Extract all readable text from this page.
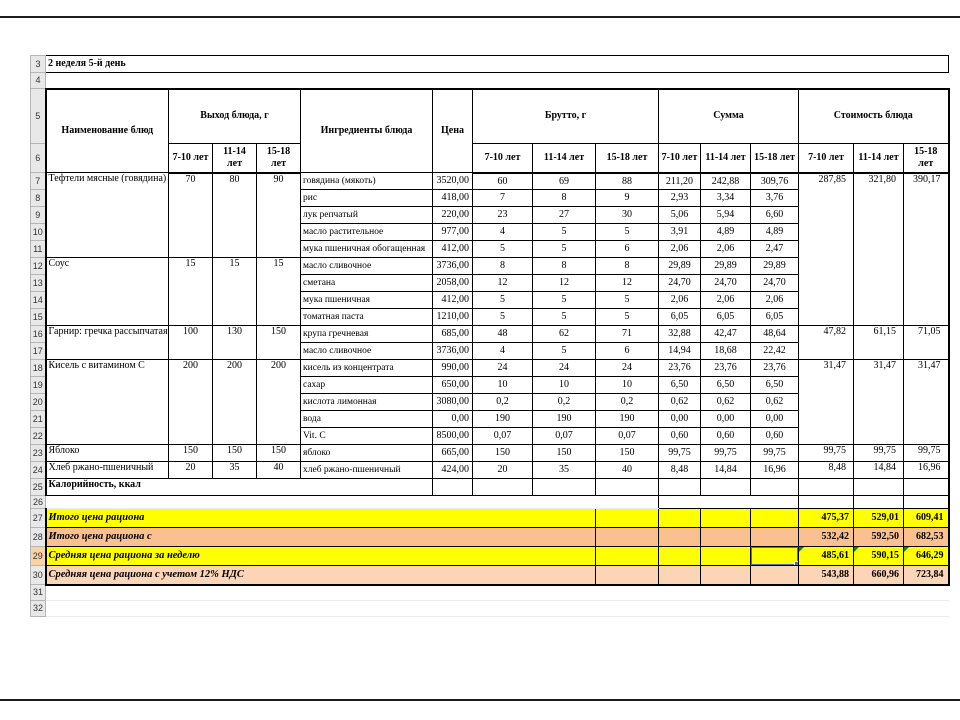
3	2 неделя 5-й день														
4															
5	Наименование блюд	Выход блюда, г			Ингредиенты блюда	Цена	Брутто, г			Сумма			Стоимость блюда		
6		7-10 лет	11-14 лет	15-18 лет			7-10 лет	11-14 лет	15-18 лет	7-10 лет	11-14 лет	15-18 лет	7-10 лет	11-14 лет	15-18 лет
7	Тефтели мясные (говядина)	70	80	90	говядина (мякоть)	3520,00	60	69	88	211,20	242,88	309,76	287,85	321,80	390,17
8					рис	418,00	7	8	9	2,93	3,34	3,76			
9					лук репчатый	220,00	23	27	30	5,06	5,94	6,60			
10					масло растительное	977,00	4	5	5	3,91	4,89	4,89			
11					мука пшеничная обогащенная	412,00	5	5	6	2,06	2,06	2,47			
12	Соус	15	15	15	масло сливочное	3736,00	8	8	8	29,89	29,89	29,89			
13					сметана	2058,00	12	12	12	24,70	24,70	24,70			
14					мука пшеничная	412,00	5	5	5	2,06	2,06	2,06			
15					томатная паста	1210,00	5	5	5	6,05	6,05	6,05			
16	Гарнир: гречка рассыпчатая	100	130	150	крупа гречневая	685,00	48	62	71	32,88	42,47	48,64	47,82	61,15	71,05
17					масло сливочное	3736,00	4	5	6	14,94	18,68	22,42			
18	Кисель с витамином С	200	200	200	кисель из концентрата	990,00	24	24	24	23,76	23,76	23,76	31,47	31,47	31,47
19					сахар	650,00	10	10	10	6,50	6,50	6,50			
20					кислота лимонная	3080,00	0,2	0,2	0,2	0,62	0,62	0,62			
21					вода	0,00	190	190	190	0,00	0,00	0,00			
22					Vit. C	8500,00	0,07	0,07	0,07	0,60	0,60	0,60			
23	Яблоко	150	150	150	яблоко	665,00	150	150	150	99,75	99,75	99,75	99,75	99,75	99,75
24	Хлеб ржано-пшеничный	20	35	40	хлеб ржано-пшеничный	424,00	20	35	40	8,48	14,84	16,96	8,48	14,84	16,96
25	Калорийность, ккал														
26															
27	Итого цена рациона												475,37	529,01	609,41
28	Итого цена рациона с												532,42	592,50	682,53
29	Средняя цена рациона за неделю												485,61	590,15	646,29
30	Средняя цена рациона с учетом 12% НДС												543,88	660,96	723,84
31															
32															
